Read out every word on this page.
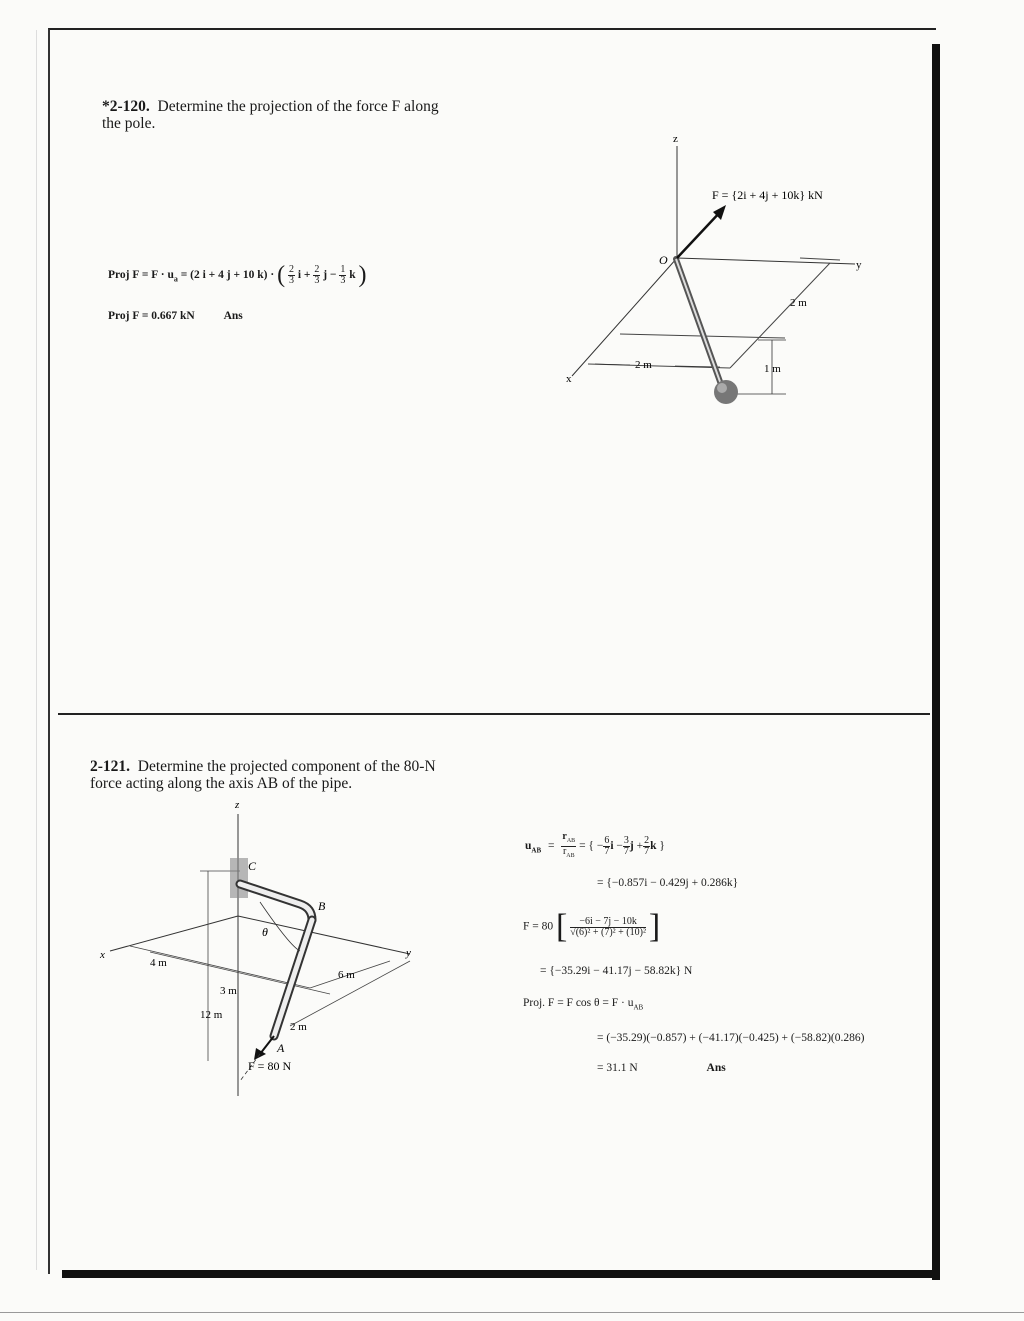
*2-120. Determine the projection of the force F along
the pole.
Proj $F = F \cdot u_a = (2$ i + 4 j + 10 k) · ( $\frac{2}{3}$ $i + \frac{2}{3}$ $j - \frac{1}{3}$ k )
Proj F = 0.667 kN	Ans
z
y
x
2 m
2 m	1 m
F = {2i + 4j + 10k} kN
O
2-121. Determine the projected component of the 80-N
force acting along the axis AB of the pipe.
z
x	y
θ
C
B
A
4 m
3 m
6 m
12 m
2 m
F = 80 N
$u_{AB} = \frac{r_{AB}}{r_{AB}}$ = { − $\frac{6}{7}$ $i - \frac{3}{7}$ $j + \frac{2}{7}$ k }
= {−0.857i − 0.429j + 0.286k}
F = 80 [ $\frac{-6i - 7j - 10k}{\text{√(6)² + (7)² + (10)²}}$ ]
= {−35.29i − 41.17j − 58.82k} N
Proj. F = F $\cos \theta = F \cdot u_{AB}$
= (−35.29)(−0.857) + (−41.17)(−0.425) + (−58.82)(0.286)
= 31.1 N	Ans
